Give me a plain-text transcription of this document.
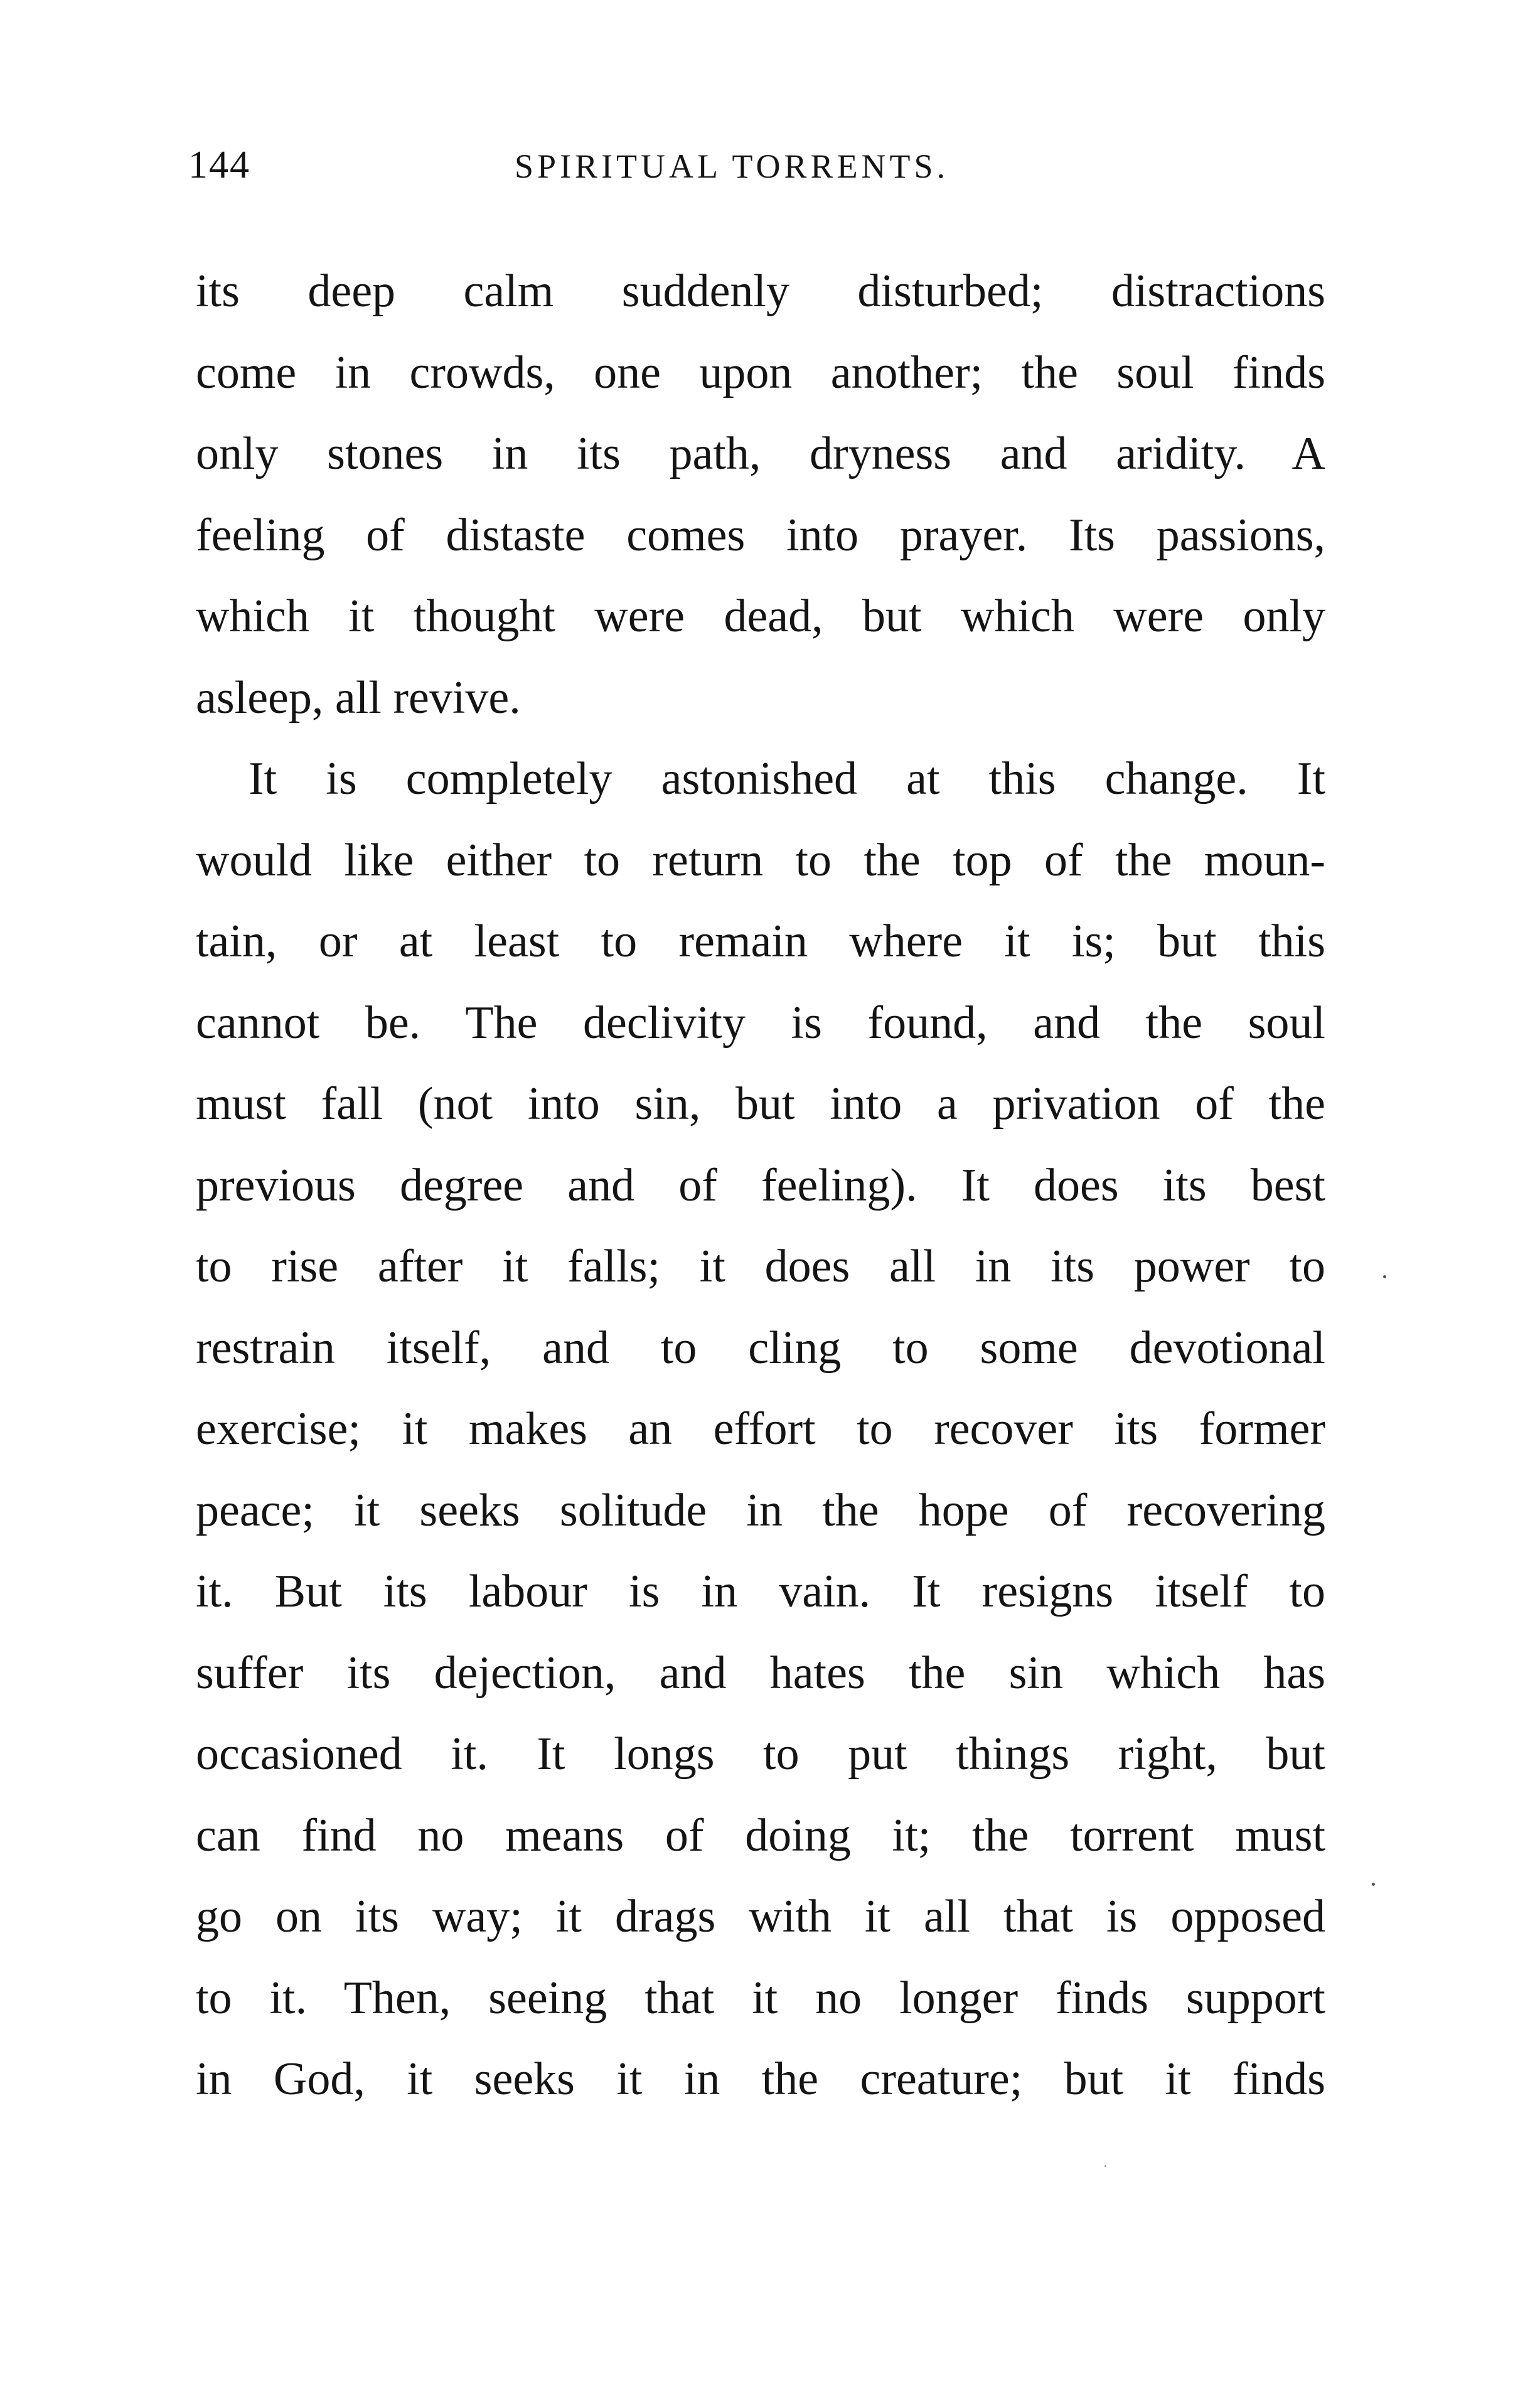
144	SPIRITUAL TORRENTS.
its deep calm suddenly disturbed; distractions
come in crowds, one upon another; the soul finds
only stones in its path, dryness and aridity. A
feeling of distaste comes into prayer. Its passions,
which it thought were dead, but which were only
asleep, all revive.
It is completely astonished at this change. It
would like either to return to the top of the moun-
tain, or at least to remain where it is; but this
cannot be. The declivity is found, and the soul
must fall (not into sin, but into a privation of the
previous degree and of feeling). It does its best
to rise after it falls; it does all in its power to
restrain itself, and to cling to some devotional
exercise; it makes an effort to recover its former
peace; it seeks solitude in the hope of recovering
it. But its labour is in vain. It resigns itself to
suffer its dejection, and hates the sin which has
occasioned it. It longs to put things right, but
can find no means of doing it; the torrent must
go on its way; it drags with it all that is opposed
to it. Then, seeing that it no longer finds support
in God, it seeks it in the creature; but it finds
